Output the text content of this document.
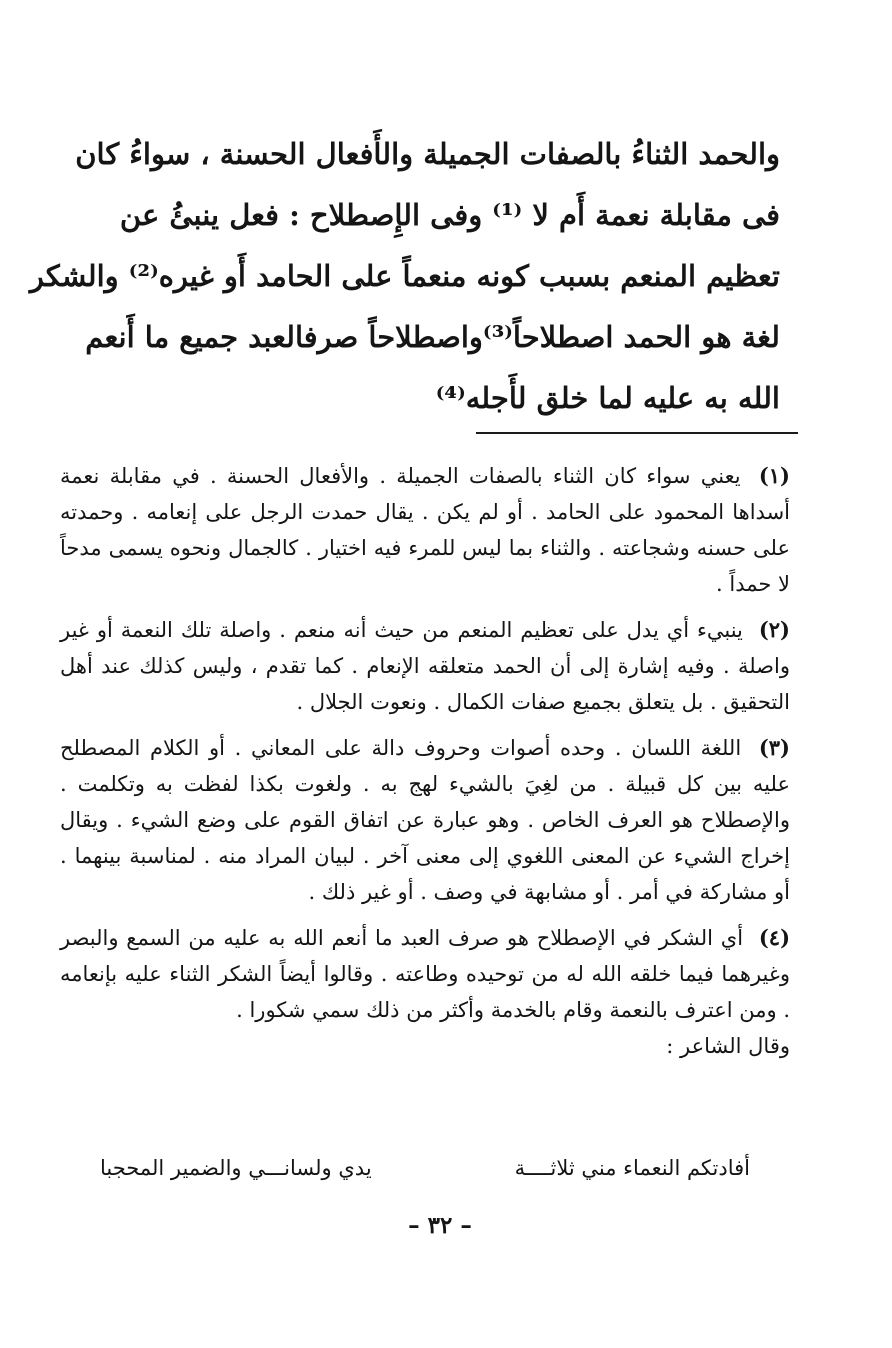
والحمد الثناءُ بالصفات الجميلة والأَفعال الحسنة ، سواءُ كان
فى مقابلة نعمة أَم لا ⁽¹⁾ وفى الإِصطلاح : فعل ينبئُ عن
تعظيم المنعم بسبب كونه منعماً على الحامد أَو غيره⁽²⁾ والشكر
لغة هو الحمد اصطلاحاً⁽³⁾واصطلاحاً صرفالعبد جميع ما أَنعم
الله به عليه لما خلق لأَجله⁽⁴⁾

(١) يعني سواء كان الثناء بالصفات الجميلة . والأفعال الحسنة . في مقابلة نعمة أسداها المحمود على الحامد . أو لم يكن . يقال حمدت الرجل على إنعامه . وحمدته على حسنه وشجاعته . والثناء بما ليس للمرء فيه اختيار . كالجمال ونحوه يسمى مدحاً لا حمداً .

(٢) ينبيء أي يدل على تعظيم المنعم من حيث أنه منعم . واصلة تلك النعمة أو غير واصلة . وفيه إشارة إلى أن الحمد متعلقه الإنعام . كما تقدم ، وليس كذلك عند أهل التحقيق . بل يتعلق بجميع صفات الكمال . ونعوت الجلال .

(٣) اللغة اللسان . وحده أصوات وحروف دالة على المعاني . أو الكلام المصطلح عليه بين كل قبيلة . من لغِيَ بالشيء لهج به . ولغوت بكذا لفظت به وتكلمت . والإصطلاح هو العرف الخاص . وهو عبارة عن اتفاق القوم على وضع الشيء . ويقال إخراج الشيء عن المعنى اللغوي إلى معنى آخر . لبيان المراد منه . لمناسبة بينهما . أو مشاركة في أمر . أو مشابهة في وصف . أو غير ذلك .

(٤) أي الشكر في الإصطلاح هو صرف العبد ما أنعم الله به عليه من السمع والبصر وغيرهما فيما خلقه الله له من توحيده وطاعته . وقالوا أيضاً الشكر الثناء عليه بإنعامه . ومن اعترف بالنعمة وقام بالخدمة وأكثر من ذلك سمي شكورا .
وقال الشاعر :

أفادتكم النعماء مني ثلاثــــة
يدي ولسانـــي والضمير المحجبا
– ٣٢ –
